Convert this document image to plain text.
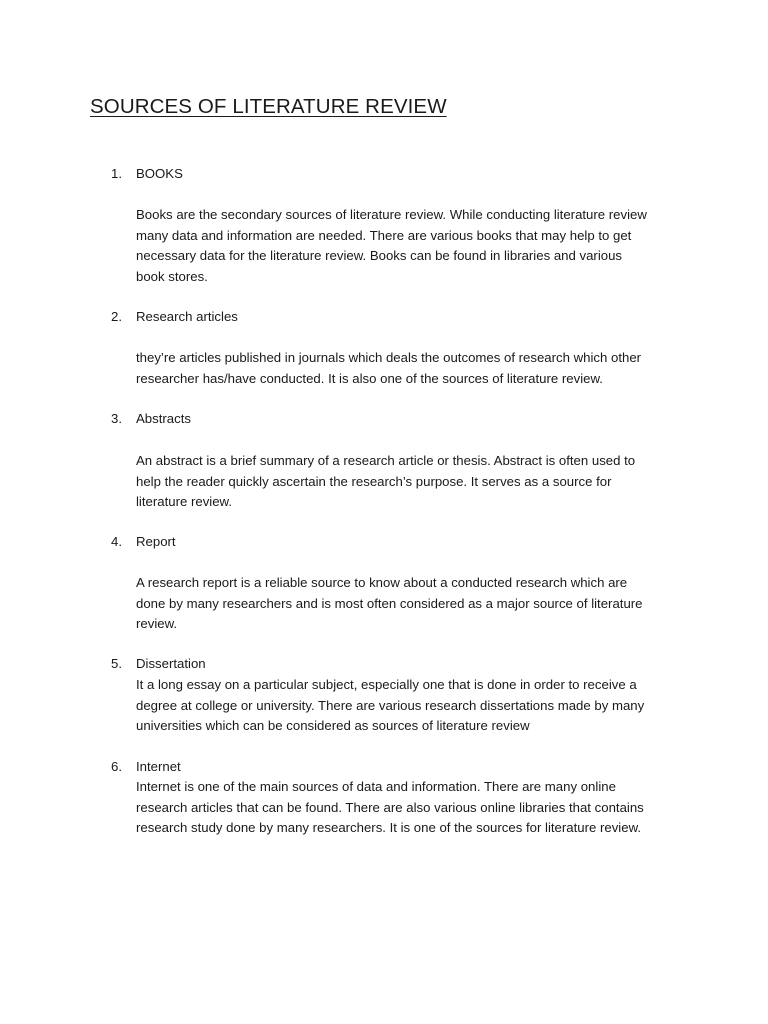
SOURCES OF LITERATURE REVIEW
1. BOOKS
Books are the secondary sources of literature review. While conducting literature review
many data and information are needed. There are various books that may help to get
necessary data for the literature review. Books can be found in libraries and various
book stores.
2. Research articles
they’re articles published in journals which deals the outcomes of research which other
researcher has/have conducted. It is also one of the sources of literature review.
3. Abstracts
An abstract is a brief summary of a research article or thesis. Abstract is often used to
help the reader quickly ascertain the research’s purpose. It serves as a source for
literature review.
4. Report
A research report is a reliable source to know about a conducted research which are
done by many researchers and is most often considered as a major source of literature
review.
5. Dissertation
It a long essay on a particular subject, especially one that is done in order to receive a
degree at college or university. There are various research dissertations made by many
universities which can be considered as sources of literature review
6. Internet
Internet is one of the main sources of data and information. There are many online
research articles that can be found. There are also various online libraries that contains
research study done by many researchers. It is one of the sources for literature review.
